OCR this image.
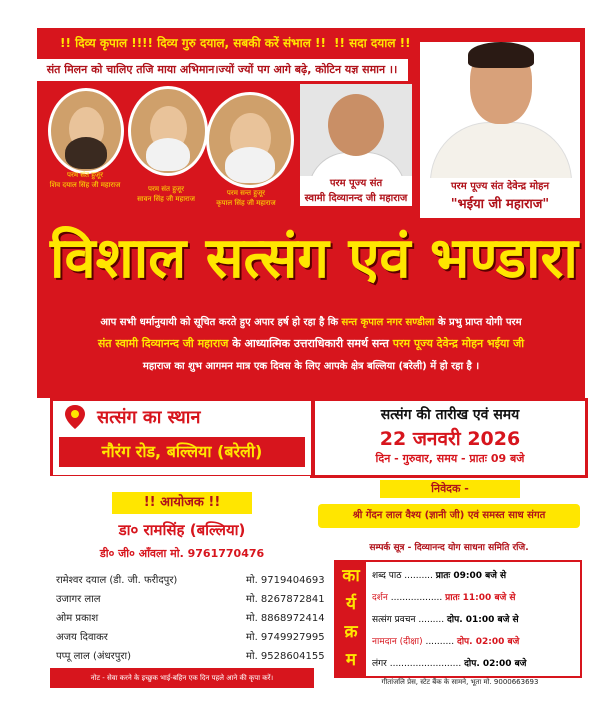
!! दिव्य कृपाल !! !! दिव्य गुरु दयाल, सबकी करें संभाल !! !! सदा दयाल !!
संत मिलन को चालिए तजि माया अभिमान।ज्यों ज्यों पग आगे बढ़े, कोटिन यज्ञ समान ।।
परम संत हुजूर
शिव दयाल सिंह जी महाराज	परम संत हुजूर
सावन सिंह जी महाराज
परम सन्त हुजूर
कृपाल सिंह जी महाराज
परम पूज्य संत
स्वामी दिव्यानन्द जी महाराज
परम पूज्य संत देवेन्द्र मोहन
"भईया जी महाराज"
विशाल सत्संग एवं भण्डारा
आप सभी धर्मानुयायी को सूचित करते हुए अपार हर्ष हो रहा है कि सन्त कृपाल नगर सण्डीला के प्रभु प्राप्त योगी परम
संत स्वामी दिव्यानन्द जी महाराज के आध्यात्मिक उत्तराधिकारी समर्थ सन्त परम पूज्य देवेन्द्र मोहन भईया जी
महाराज का शुभ आगमन मात्र एक दिवस के लिए आपके क्षेत्र बल्लिया (बरेली) में हो रहा है ।
सत्संग का स्थान
नौरंग रोड, बल्लिया (बरेली)
सत्संग की तारीख एवं समय
22 जनवरी 2026
दिन - गुरुवार, समय - प्रातः 09 बजे
!! आयोजक !!
डा० रामसिंह (बल्लिया)
डी० जी० आँवला मो. 9761770476
रामेश्वर दयाल (डी. जी. फरीदपुर)	मो. 9719404693
उजागर लाल	मो. 8267872841
ओम प्रकाश	मो. 8868972414
अजय दिवाकर	मो. 9749927995
पप्पू लाल (अंधरपुरा)	मो. 9528604155
निवेदक -
श्री गेंदन लाल वैश्य (ज्ञानी जी) एवं समस्त साध संगत
सम्पर्क सूत्र - दिव्यानन्द योग साधना समिति रजि.
का
र्य
क्र
म
शब्द पाठ .......... प्रातः 09:00 बजे से
दर्शन .................. प्रातः 11:00 बजे से
सत्संग प्रवचन ......... दोप. 01:00 बजे से
नामदान (दीक्षा) .......... दोप. 02:00 बजे
लंगर ......................... दोप. 02:00 बजे
नोट - सेवा करने के इच्छुक भाई-बहिन एक दिन पहले आने की कृपा करें।	गीतांजलि प्रेस, स्टेट बैंक के सामने, भूता मो. 9000663693
